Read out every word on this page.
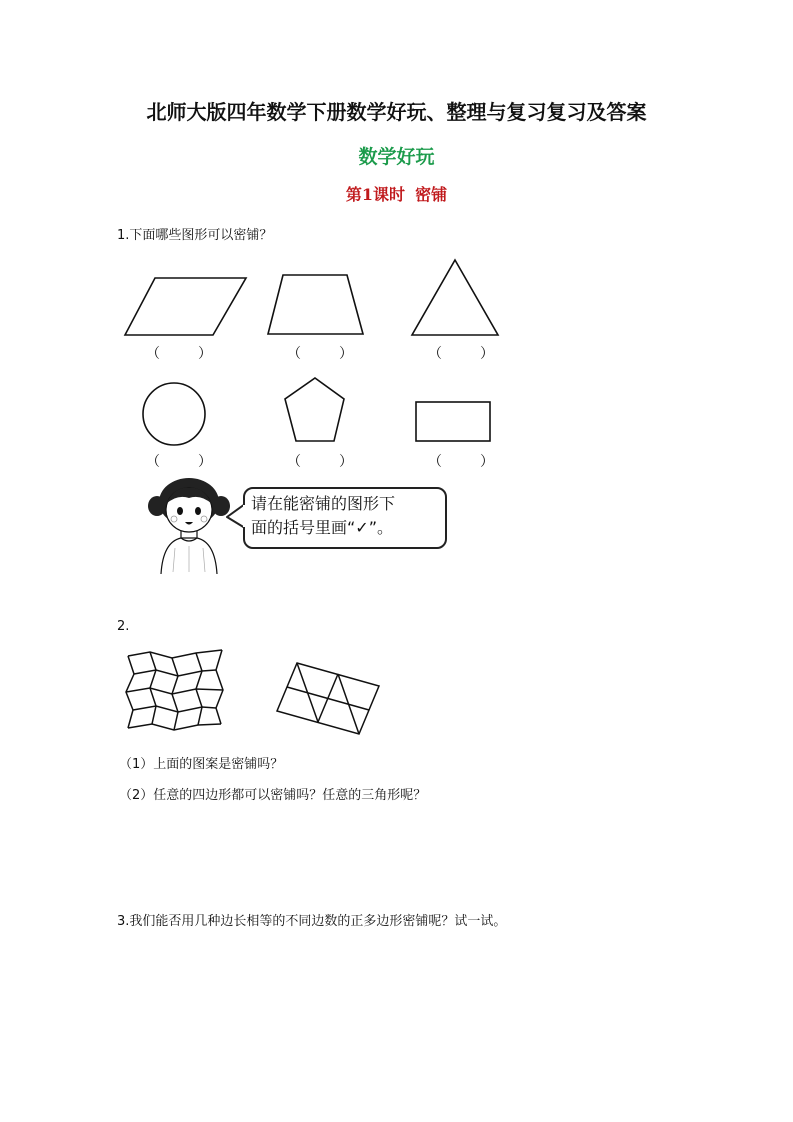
北师大版四年数学下册数学好玩、整理与复习复习及答案
数学好玩
第1课时 密铺
1.下面哪些图形可以密铺？
（	）	（	）	（	）
（	）	（	）	（	）
请在能密铺的图形下
面的括号里画“✓”。
2.
（1）上面的图案是密铺吗？
（2）任意的四边形都可以密铺吗？任意的三角形呢？
3.我们能否用几种边长相等的不同边数的正多边形密铺呢？试一试。
